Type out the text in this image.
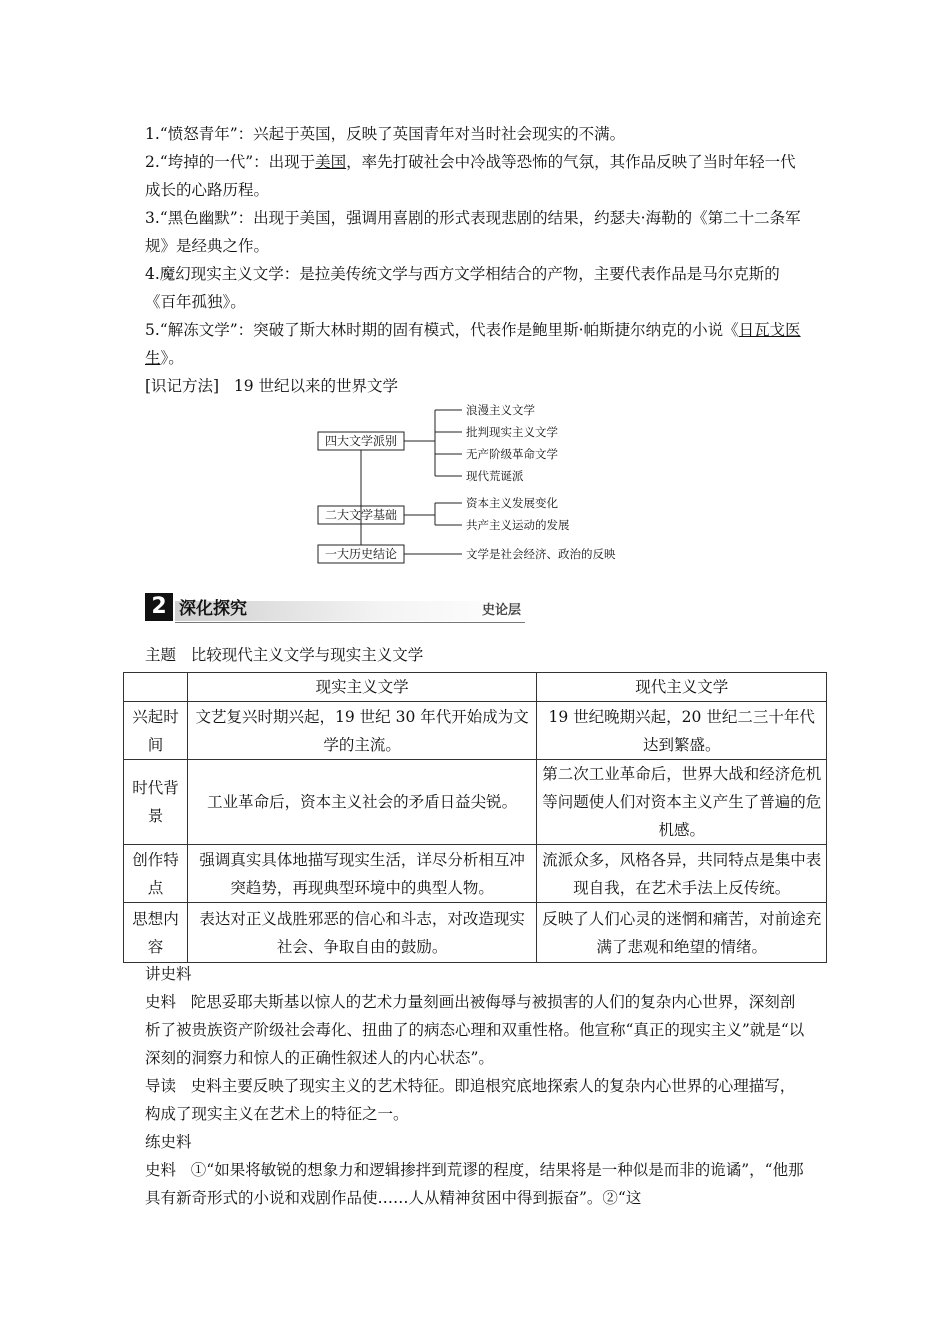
1.“愤怒青年”：兴起于英国，反映了英国青年对当时社会现实的不满。

2.“垮掉的一代”：出现于美国，率先打破社会中冷战等恐怖的气氛，其作品反映了当时年轻一代成长的心路历程。

3.“黑色幽默”：出现于美国，强调用喜剧的形式表现悲剧的结果，约瑟夫·海勒的《第二十二条军规》是经典之作。

4.魔幻现实主义文学：是拉美传统文学与西方文学相结合的产物，主要代表作品是马尔克斯的《百年孤独》。

5.“解冻文学”：突破了斯大林时期的固有模式，代表作是鲍里斯·帕斯捷尔纳克的小说《日瓦戈医生》。

[识记方法] 19 世纪以来的世界文学

四大文学派别
二大文学基础
一大历史结论
浪漫主义文学
批判现实主义文学
无产阶级革命文学
现代荒诞派
资本主义发展变化
共产主义运动的发展
文学是社会经济、政治的反映
2 深化探究	史论层

主题 比较现代主义文学与现实主义文学

	现实主义文学	现代主义文学
兴起时间	文艺复兴时期兴起，19 世纪 30 年代开始成为文学的主流。	19 世纪晚期兴起，20 世纪二三十年代达到繁盛。
时代背景	工业革命后，资本主义社会的矛盾日益尖锐。	第二次工业革命后，世界大战和经济危机等问题使人们对资本主义产生了普遍的危机感。
创作特点	强调真实具体地描写现实生活，详尽分析相互冲突趋势，再现典型环境中的典型人物。	流派众多，风格各异，共同特点是集中表现自我，在艺术手法上反传统。
思想内容	表达对正义战胜邪恶的信心和斗志，对改造现实社会、争取自由的鼓励。	反映了人们心灵的迷惘和痛苦，对前途充满了悲观和绝望的情绪。

讲史料

史料 陀思妥耶夫斯基以惊人的艺术力量刻画出被侮辱与被损害的人们的复杂内心世界，深刻剖析了被贵族资产阶级社会毒化、扭曲了的病态心理和双重性格。他宣称“真正的现实主义”就是“以深刻的洞察力和惊人的正确性叙述人的内心状态”。

导读 史料主要反映了现实主义的艺术特征。即追根究底地探索人的复杂内心世界的心理描写，构成了现实主义在艺术上的特征之一。

练史料

史料 ①“如果将敏锐的想象力和逻辑掺拌到荒谬的程度，结果将是一种似是而非的诡谲”，“他那具有新奇形式的小说和戏剧作品使……人从精神贫困中得到振奋”。②“这
